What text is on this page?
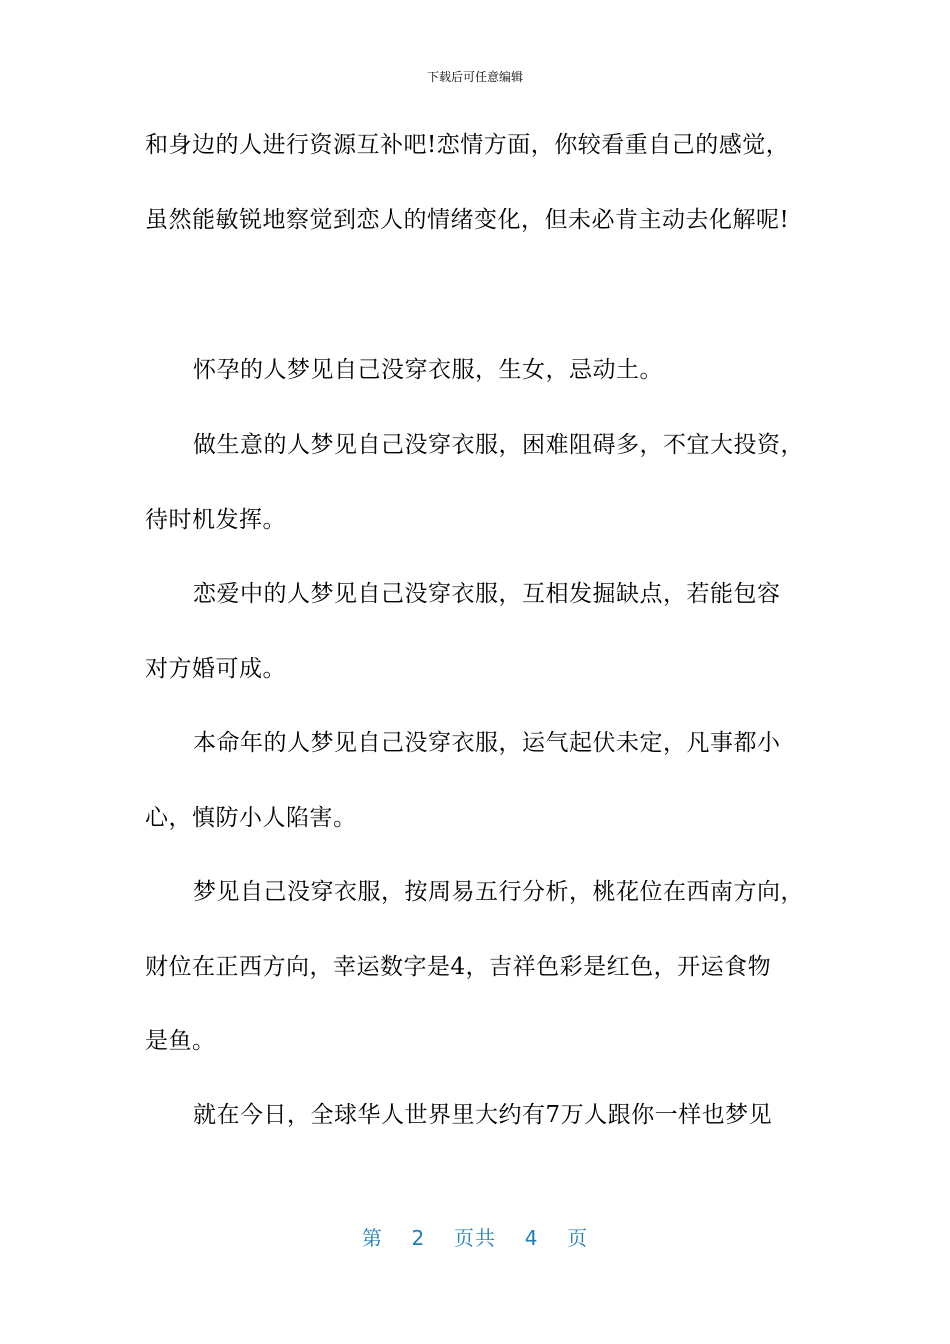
下载后可任意编辑
和身边的人进行资源互补吧!恋情方面，你较看重自己的感觉，
虽然能敏锐地察觉到恋人的情绪变化，但未必肯主动去化解呢!
怀孕的人梦见自己没穿衣服，生女，忌动土。
做生意的人梦见自己没穿衣服，困难阻碍多，不宜大投资，
待时机发挥。
恋爱中的人梦见自己没穿衣服，互相发掘缺点，若能包容
对方婚可成。
本命年的人梦见自己没穿衣服，运气起伏未定，凡事都小
心，慎防小人陷害。
梦见自己没穿衣服，按周易五行分析，桃花位在西南方向，
财位在正西方向，幸运数字是4，吉祥色彩是红色，开运食物
是鱼。
就在今日，全球华人世界里大约有7万人跟你一样也梦见
第 2 页共 4 页
